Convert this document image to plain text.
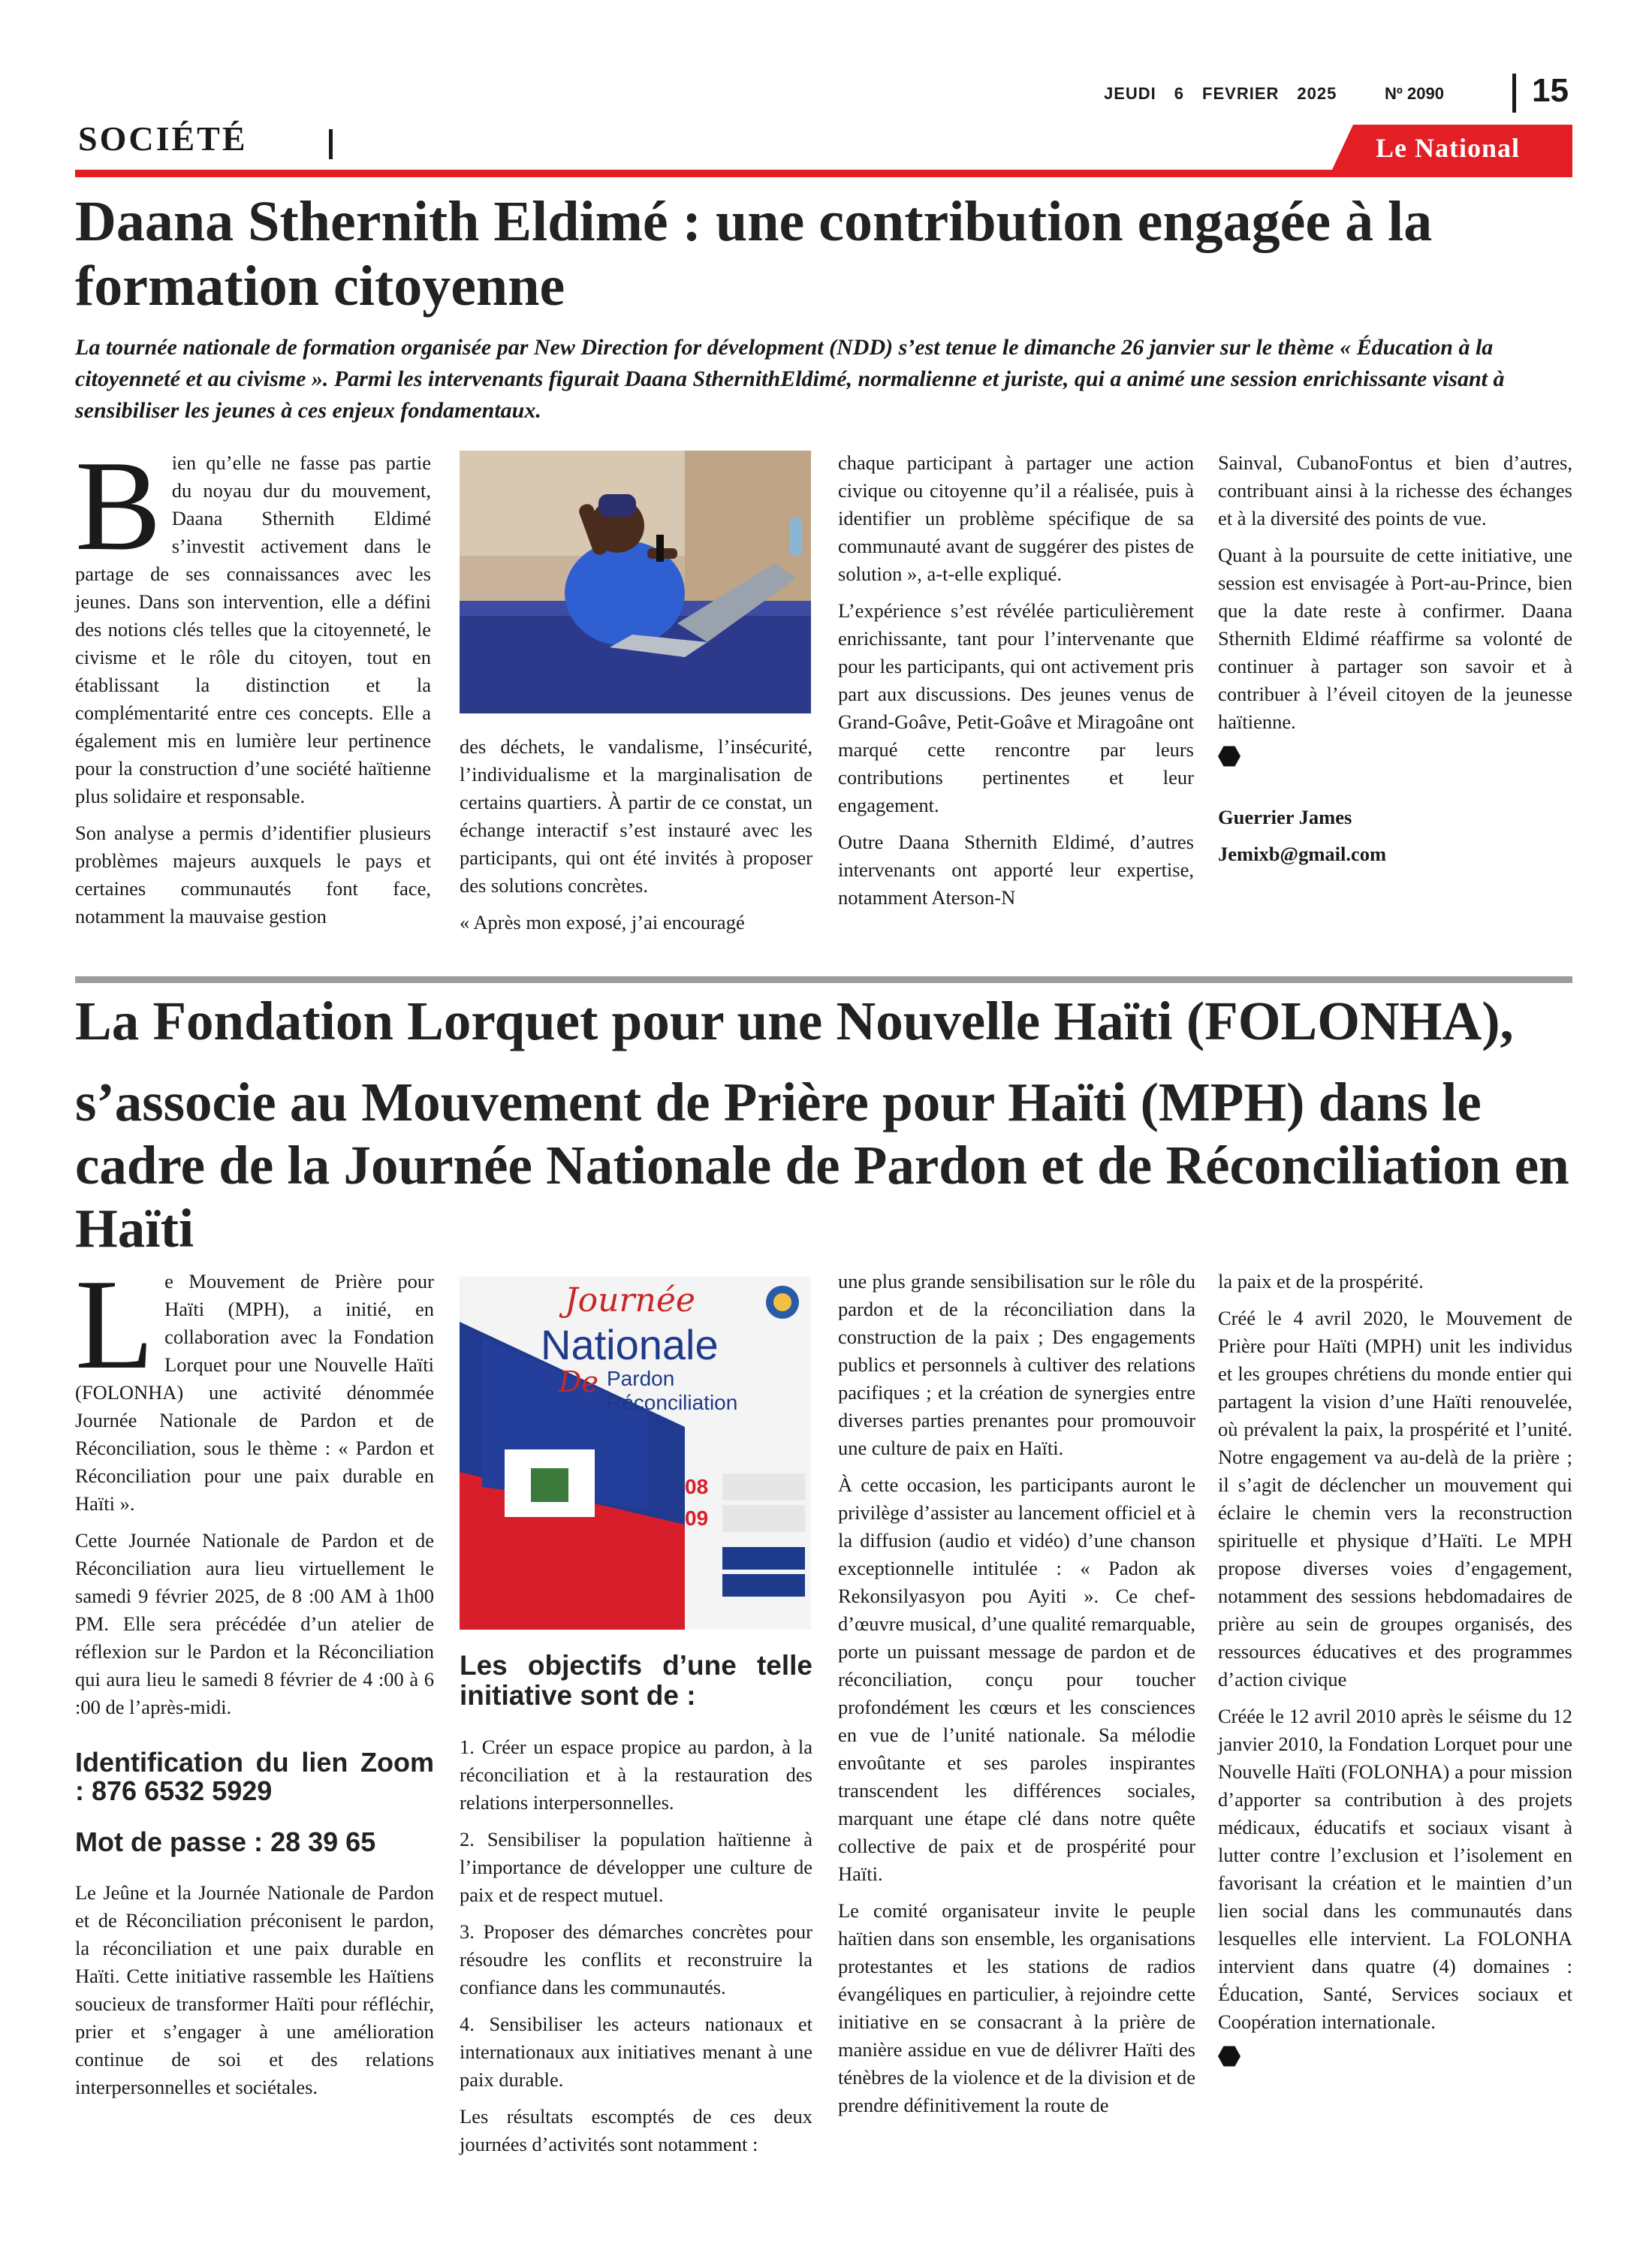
JEUDI 6 FEVRIER 2025	Nº 2090	15
SOCIÉTÉ	Le National
Daana Sthernith Eldimé : une contribution engagée à la formation citoyenne
La tournée nationale de formation organisée par New Direction for dévelopment (NDD) s’est tenue le dimanche 26 janvier sur le thème « Éducation à la citoyenneté et au civisme ». Parmi les intervenants figurait Daana SthernithEldimé, normalienne et juriste, qui a animé une session enrichissante visant à sensibiliser les jeunes à ces enjeux fondamentaux.

Bien qu’elle ne fasse pas partie du noyau dur du mouvement, Daana Sthernith Eldimé s’investit activement dans le partage de ses connaissances avec les jeunes. Dans son intervention, elle a défini des notions clés telles que la citoyenneté, le civisme et le rôle du citoyen, tout en établissant la distinction et la complémentarité entre ces concepts. Elle a également mis en lumière leur pertinence pour la construction d’une société haïtienne plus solidaire et responsable.

Son analyse a permis d’identifier plusieurs problèmes majeurs auxquels le pays et certaines communautés font face, notamment la mauvaise gestion

des déchets, le vandalisme, l’insécurité, l’individualisme et la marginalisation de certains quartiers. À partir de ce constat, un échange interactif s’est instauré avec les participants, qui ont été invités à proposer des solutions concrètes.

« Après mon exposé, j’ai encouragé

chaque participant à partager une action civique ou citoyenne qu’il a réalisée, puis à identifier un problème spécifique de sa communauté avant de suggérer des pistes de solution », a-t-elle expliqué.

L’expérience s’est révélée particulièrement enrichissante, tant pour l’intervenante que pour les participants, qui ont activement pris part aux discussions. Des jeunes venus de Grand-Goâve, Petit-Goâve et Miragoâne ont marqué cette rencontre par leurs contributions pertinentes et leur engagement.

Outre Daana Sthernith Eldimé, d’autres intervenants ont apporté leur expertise, notamment Aterson-N

Sainval, CubanoFontus et bien d’autres, contribuant ainsi à la richesse des échanges et à la diversité des points de vue.

Quant à la poursuite de cette initiative, une session est envisagée à Port-au-Prince, bien que la date reste à confirmer. Daana Sthernith Eldimé réaffirme sa volonté de continuer à partager son savoir et à contribuer à l’éveil citoyen de la jeunesse haïtienne.

Guerrier James

Jemixb@gmail.com

La Fondation Lorquet pour une Nouvelle Haïti (FOLONHA),
s’associe au Mouvement de Prière pour Haïti (MPH) dans le cadre de la Journée Nationale de Pardon et de Réconciliation en Haïti

Le Mouvement de Prière pour Haïti (MPH), a initié, en collaboration avec la Fondation Lorquet pour une Nouvelle Haïti (FOLONHA) une activité dénommée Journée Nationale de Pardon et de Réconciliation, sous le thème : « Pardon et Réconciliation pour une paix durable en Haïti ».

Cette Journée Nationale de Pardon et de Réconciliation aura lieu virtuellement le samedi 9 février 2025, de 8 :00 AM à 1h00 PM. Elle sera précédée d’un atelier de réflexion sur le Pardon et la Réconciliation qui aura lieu le samedi 8 février de 4 :00 à 6 :00 de l’après-midi.

Identification du lien Zoom : 876 6532 5929
Mot de passe : 28 39 65

Le Jeûne et la Journée Nationale de Pardon et de Réconciliation préconisent le pardon, la réconciliation et une paix durable en Haïti. Cette initiative rassemble les Haïtiens soucieux de transformer Haïti pour réfléchir, prier et s’engager à une amélioration continue de soi et des relations interpersonnelles et sociétales.

Journée
Nationale
De Pardon
Réconciliation
08
09
Les objectifs d’une telle initiative sont de :

1. Créer un espace propice au pardon, à la réconciliation et à la restauration des relations interpersonnelles.

2. Sensibiliser la population haïtienne à l’importance de développer une culture de paix et de respect mutuel.

3. Proposer des démarches concrètes pour résoudre les conflits et reconstruire la confiance dans les communautés.

4. Sensibiliser les acteurs nationaux et internationaux aux initiatives menant à une paix durable.

Les résultats escomptés de ces deux journées d’activités sont notamment :

une plus grande sensibilisation sur le rôle du pardon et de la réconciliation dans la construction de la paix ; Des engagements publics et personnels à cultiver des relations pacifiques ; et la création de synergies entre diverses parties prenantes pour promouvoir une culture de paix en Haïti.

À cette occasion, les participants auront le privilège d’assister au lancement officiel et à la diffusion (audio et vidéo) d’une chanson exceptionnelle intitulée : « Padon ak Rekonsilyasyon pou Ayiti ». Ce chef-d’œuvre musical, d’une qualité remarquable, porte un puissant message de pardon et de réconciliation, conçu pour toucher profondément les cœurs et les consciences en vue de l’unité nationale. Sa mélodie envoûtante et ses paroles inspirantes transcendent les différences sociales, marquant une étape clé dans notre quête collective de paix et de prospérité pour Haïti.

Le comité organisateur invite le peuple haïtien dans son ensemble, les organisations protestantes et les stations de radios évangéliques en particulier, à rejoindre cette initiative en se consacrant à la prière de manière assidue en vue de délivrer Haïti des ténèbres de la violence et de la division et de prendre définitivement la route de

la paix et de la prospérité.

Créé le 4 avril 2020, le Mouvement de Prière pour Haïti (MPH) unit les individus et les groupes chrétiens du monde entier qui partagent la vision d’une Haïti renouvelée, où prévalent la paix, la prospérité et l’unité. Notre engagement va au-delà de la prière ; il s’agit de déclencher un mouvement qui éclaire le chemin vers la reconstruction spirituelle et physique d’Haïti. Le MPH propose diverses voies d’engagement, notamment des sessions hebdomadaires de prière au sein de groupes organisés, des ressources éducatives et des programmes d’action civique

Créée le 12 avril 2010 après le séisme du 12 janvier 2010, la Fondation Lorquet pour une Nouvelle Haïti (FOLONHA) a pour mission d’apporter sa contribution à des projets médicaux, éducatifs et sociaux visant à lutter contre l’exclusion et l’isolement en favorisant la création et le maintien d’un lien social dans les communautés dans lesquelles elle intervient. La FOLONHA intervient dans quatre (4) domaines : Éducation, Santé, Services sociaux et Coopération internationale.
